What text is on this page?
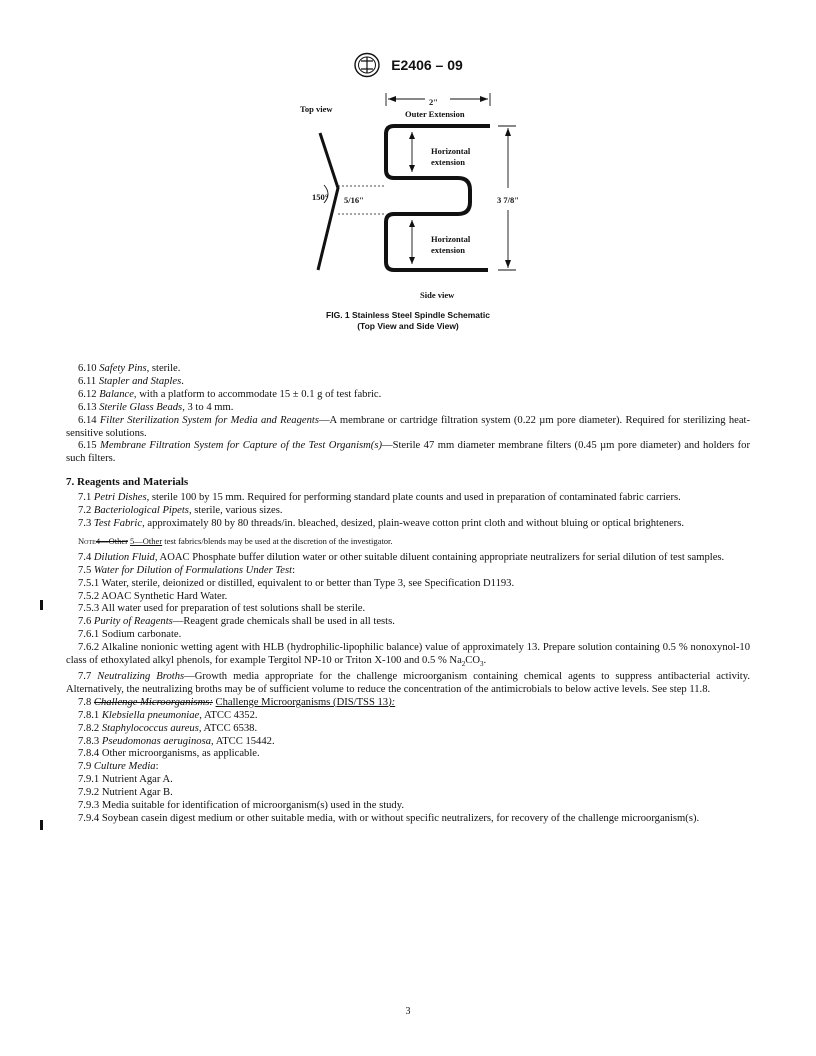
E2406 – 09
Top view
150° 5/16"
2"
Outer Extension
Horizontal
extension
Horizontal
extension
3 7/8"
Side view
FIG. 1 Stainless Steel Spindle Schematic
(Top View and Side View)

6.10 Safety Pins, sterile.

6.11 Stapler and Staples.

6.12 Balance, with a platform to accommodate 15 ± 0.1 g of test fabric.

6.13 Sterile Glass Beads, 3 to 4 mm.

6.14 Filter Sterilization System for Media and Reagents—A membrane or cartridge filtration system (0.22 µm pore diameter). Required for sterilizing heat-sensitive solutions.

6.15 Membrane Filtration System for Capture of the Test Organism(s)—Sterile 47 mm diameter membrane filters (0.45 µm pore diameter) and holders for such filters.

7. Reagents and Materials

7.1 Petri Dishes, sterile 100 by 15 mm. Required for performing standard plate counts and used in preparation of contaminated fabric carriers.

7.2 Bacteriological Pipets, sterile, various sizes.

7.3 Test Fabric, approximately 80 by 80 threads/in. bleached, desized, plain-weave cotton print cloth and without bluing or optical brighteners.

Note4—Other 5—Other test fabrics/blends may be used at the discretion of the investigator.

7.4 Dilution Fluid, AOAC Phosphate buffer dilution water or other suitable diluent containing appropriate neutralizers for serial dilution of test samples.

7.5 Water for Dilution of Formulations Under Test:

7.5.1 Water, sterile, deionized or distilled, equivalent to or better than Type 3, see Specification D1193.

7.5.2 AOAC Synthetic Hard Water.

7.5.3 All water used for preparation of test solutions shall be sterile.

7.6 Purity of Reagents—Reagent grade chemicals shall be used in all tests.

7.6.1 Sodium carbonate.

7.6.2 Alkaline nonionic wetting agent with HLB (hydrophilic-lipophilic balance) value of approximately 13. Prepare solution containing 0.5 % nonoxynol-10 class of ethoxylated alkyl phenols, for example Tergitol NP-10 or Triton X-100 and 0.5 % $Na_2CO_3$.

7.7 Neutralizing Broths—Growth media appropriate for the challenge microorganism containing chemical agents to suppress antibacterial activity. Alternatively, the neutralizing broths may be of sufficient volume to reduce the concentration of the antimicrobials to below active levels. See step 11.8.

7.8 Challenge Microorganisms: Challenge Microorganisms (DIS/TSS 13):

7.8.1 Klebsiella pneumoniae, ATCC 4352.

7.8.2 Staphylococcus aureus, ATCC 6538.

7.8.3 Pseudomonas aeruginosa, ATCC 15442.

7.8.4 Other microorganisms, as applicable.

7.9 Culture Media:

7.9.1 Nutrient Agar A.

7.9.2 Nutrient Agar B.

7.9.3 Media suitable for identification of microorganism(s) used in the study.

7.9.4 Soybean casein digest medium or other suitable media, with or without specific neutralizers, for recovery of the challenge microorganism(s).

3
